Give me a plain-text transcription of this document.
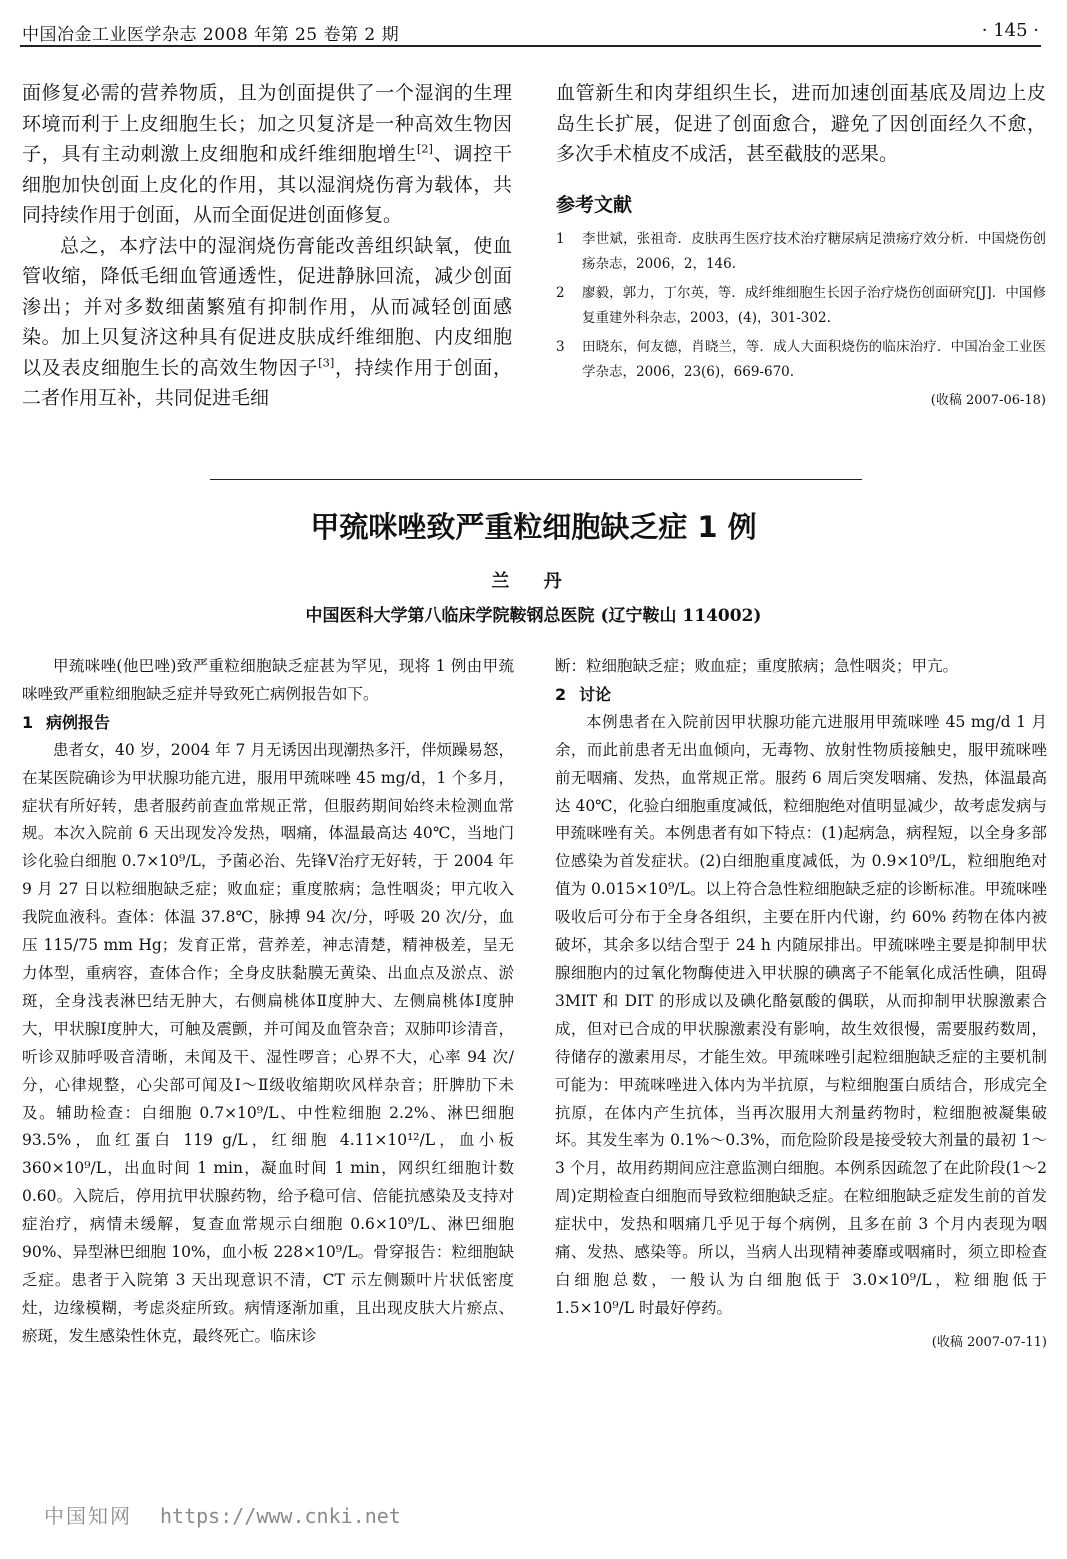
中国冶金工业医学杂志 2008 年第 25 卷第 2 期	· 145 ·

面修复必需的营养物质，且为创面提供了一个湿润的生理环境而利于上皮细胞生长；加之贝复济是一种高效生物因子，具有主动刺激上皮细胞和成纤维细胞增生[2]、调控干细胞加快创面上皮化的作用，其以湿润烧伤膏为载体，共同持续作用于创面，从而全面促进创面修复。

总之，本疗法中的湿润烧伤膏能改善组织缺氧，使血管收缩，降低毛细血管通透性，促进静脉回流，减少创面渗出；并对多数细菌繁殖有抑制作用，从而减轻创面感染。加上贝复济这种具有促进皮肤成纤维细胞、内皮细胞以及表皮细胞生长的高效生物因子[3]，持续作用于创面，二者作用互补，共同促进毛细

血管新生和肉芽组织生长，进而加速创面基底及周边上皮岛生长扩展，促进了创面愈合，避免了因创面经久不愈，多次手术植皮不成活，甚至截肢的恶果。

参考文献
1	李世斌，张祖奇．皮肤再生医疗技术治疗糖尿病足溃疡疗效分析．中国烧伤创疡杂志，2006，2，146.
2	廖毅，郭力，丁尔英，等．成纤维细胞生长因子治疗烧伤创面研究[J]．中国修复重建外科杂志，2003，(4)，301-302.
3	田晓东，何友德，肖晓兰，等．成人大面积烧伤的临床治疗．中国冶金工业医学杂志，2006，23(6)，669-670.
(收稿 2007-06-18)
甲巯咪唑致严重粒细胞缺乏症 1 例
兰 丹
中国医科大学第八临床学院鞍钢总医院 (辽宁鞍山 114002)

甲巯咪唑(他巴唑)致严重粒细胞缺乏症甚为罕见，现将 1 例由甲巯咪唑致严重粒细胞缺乏症并导致死亡病例报告如下。

1 病例报告

患者女，40 岁，2004 年 7 月无诱因出现潮热多汗，伴烦躁易怒，在某医院确诊为甲状腺功能亢进，服用甲巯咪唑 45 mg/d，1 个多月，症状有所好转，患者服药前查血常规正常，但服药期间始终未检测血常规。本次入院前 6 天出现发冷发热，咽痛，体温最高达 40℃，当地门诊化验白细胞 0.7×10⁹/L，予菌必治、先锋Ⅴ治疗无好转，于 2004 年 9 月 27 日以粒细胞缺乏症；败血症；重度脓病；急性咽炎；甲亢收入我院血液科。查体：体温 37.8℃，脉搏 94 次/分，呼吸 20 次/分，血压 115/75 mm Hg；发育正常，营养差，神志清楚，精神极差，呈无力体型，重病容，查体合作；全身皮肤黏膜无黄染、出血点及淤点、淤斑，全身浅表淋巴结无肿大，右侧扁桃体Ⅱ度肿大、左侧扁桃体Ⅰ度肿大，甲状腺Ⅰ度肿大，可触及震颤，并可闻及血管杂音；双肺叩诊清音，听诊双肺呼吸音清晰，未闻及干、湿性啰音；心界不大，心率 94 次/分，心律规整，心尖部可闻及Ⅰ～Ⅱ级收缩期吹风样杂音；肝脾肋下未及。辅助检查：白细胞 0.7×10⁹/L、中性粒细胞 2.2%、淋巴细胞 93.5%，血红蛋白 119 g/L，红细胞 4.11×10¹²/L，血小板 360×10⁹/L，出血时间 1 min，凝血时间 1 min，网织红细胞计数 0.60。入院后，停用抗甲状腺药物，给予稳可信、倍能抗感染及支持对症治疗，病情未缓解，复查血常规示白细胞 0.6×10⁹/L、淋巴细胞 90%、异型淋巴细胞 10%，血小板 228×10⁹/L。骨穿报告：粒细胞缺乏症。患者于入院第 3 天出现意识不清，CT 示左侧颞叶片状低密度灶，边缘模糊，考虑炎症所致。病情逐渐加重，且出现皮肤大片瘀点、瘀斑，发生感染性休克，最终死亡。临床诊

断：粒细胞缺乏症；败血症；重度脓病；急性咽炎；甲亢。

2 讨论

本例患者在入院前因甲状腺功能亢进服用甲巯咪唑 45 mg/d 1 月余，而此前患者无出血倾向，无毒物、放射性物质接触史，服甲巯咪唑前无咽痛、发热，血常规正常。服药 6 周后突发咽痛、发热，体温最高达 40℃，化验白细胞重度减低，粒细胞绝对值明显减少，故考虑发病与甲巯咪唑有关。本例患者有如下特点：(1)起病急，病程短，以全身多部位感染为首发症状。(2)白细胞重度减低，为 0.9×10⁹/L，粒细胞绝对值为 0.015×10⁹/L。以上符合急性粒细胞缺乏症的诊断标准。甲巯咪唑吸收后可分布于全身各组织，主要在肝内代谢，约 60% 药物在体内被破坏，其余多以结合型于 24 h 内随尿排出。甲巯咪唑主要是抑制甲状腺细胞内的过氧化物酶使进入甲状腺的碘离子不能氧化成活性碘，阻碍 3MIT 和 DIT 的形成以及碘化酪氨酸的偶联，从而抑制甲状腺激素合成，但对已合成的甲状腺激素没有影响，故生效很慢，需要服药数周，待储存的激素用尽，才能生效。甲巯咪唑引起粒细胞缺乏症的主要机制可能为：甲巯咪唑进入体内为半抗原，与粒细胞蛋白质结合，形成完全抗原，在体内产生抗体，当再次服用大剂量药物时，粒细胞被凝集破坏。其发生率为 0.1%～0.3%，而危险阶段是接受较大剂量的最初 1～3 个月，故用药期间应注意监测白细胞。本例系因疏忽了在此阶段(1～2 周)定期检查白细胞而导致粒细胞缺乏症。在粒细胞缺乏症发生前的首发症状中，发热和咽痛几乎见于每个病例，且多在前 3 个月内表现为咽痛、发热、感染等。所以，当病人出现精神萎靡或咽痛时，须立即检查白细胞总数，一般认为白细胞低于 3.0×10⁹/L，粒细胞低于 1.5×10⁹/L 时最好停药。

(收稿 2007-07-11)
中国知网 https://www.cnki.net
